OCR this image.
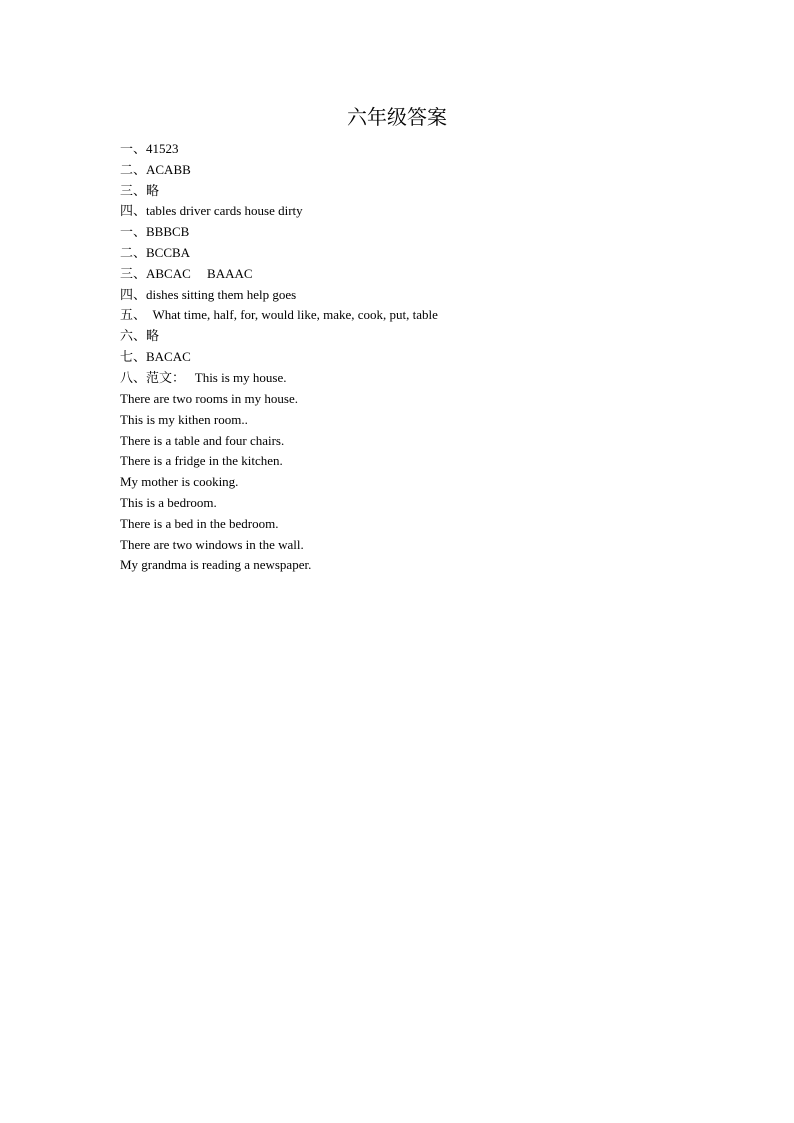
六年级答案
一、41523
二、ACABB
三、略
四、tables driver cards house dirty
一、BBBCB
二、BCCBA
三、ABCAC     BAAAC
四、dishes sitting them help goes
五、  What time, half, for, would like, make, cook, put, table
六、略
七、BACAC
八、范文：   This is my house.
There are two rooms in my house.
This is my kithen room..
There is a table and four chairs.
There is a fridge in the kitchen.
My mother is cooking.
This is a bedroom.
There is a bed in the bedroom.
There are two windows in the wall.
My grandma is reading a newspaper.
